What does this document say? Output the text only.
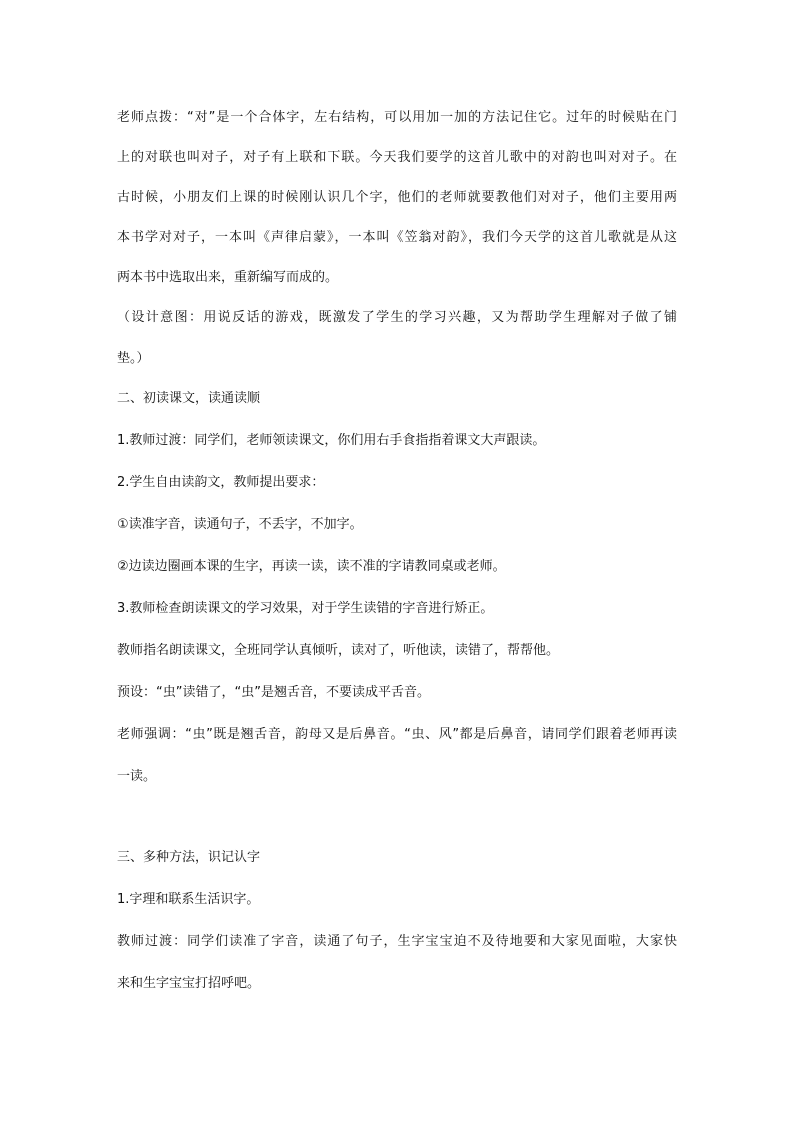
老师点拨：“对”是一个合体字，左右结构，可以用加一加的方法记住它。过年的时候贴在门
上的对联也叫对子，对子有上联和下联。今天我们要学的这首儿歌中的对韵也叫对对子。在
古时候，小朋友们上课的时候刚认识几个字，他们的老师就要教他们对对子，他们主要用两
本书学对对子，一本叫《声律启蒙》，一本叫《笠翁对韵》，我们今天学的这首儿歌就是从这
两本书中选取出来，重新编写而成的。
（设计意图：用说反话的游戏，既激发了学生的学习兴趣，又为帮助学生理解对子做了铺
垫。）
二、初读课文，读通读顺
1.教师过渡：同学们，老师领读课文，你们用右手食指指着课文大声跟读。
2.学生自由读韵文，教师提出要求：
①读准字音，读通句子，不丢字，不加字。
②边读边圈画本课的生字，再读一读，读不准的字请教同桌或老师。
3.教师检查朗读课文的学习效果，对于学生读错的字音进行矫正。
教师指名朗读课文，全班同学认真倾听，读对了，听他读，读错了，帮帮他。
预设：“虫”读错了，“虫”是翘舌音，不要读成平舌音。
老师强调：“虫”既是翘舌音，韵母又是后鼻音。“虫、风”都是后鼻音，请同学们跟着老师再读
一读。
三、多种方法，识记认字
1.字理和联系生活识字。
教师过渡：同学们读准了字音，读通了句子，生字宝宝迫不及待地要和大家见面啦，大家快
来和生字宝宝打招呼吧。
